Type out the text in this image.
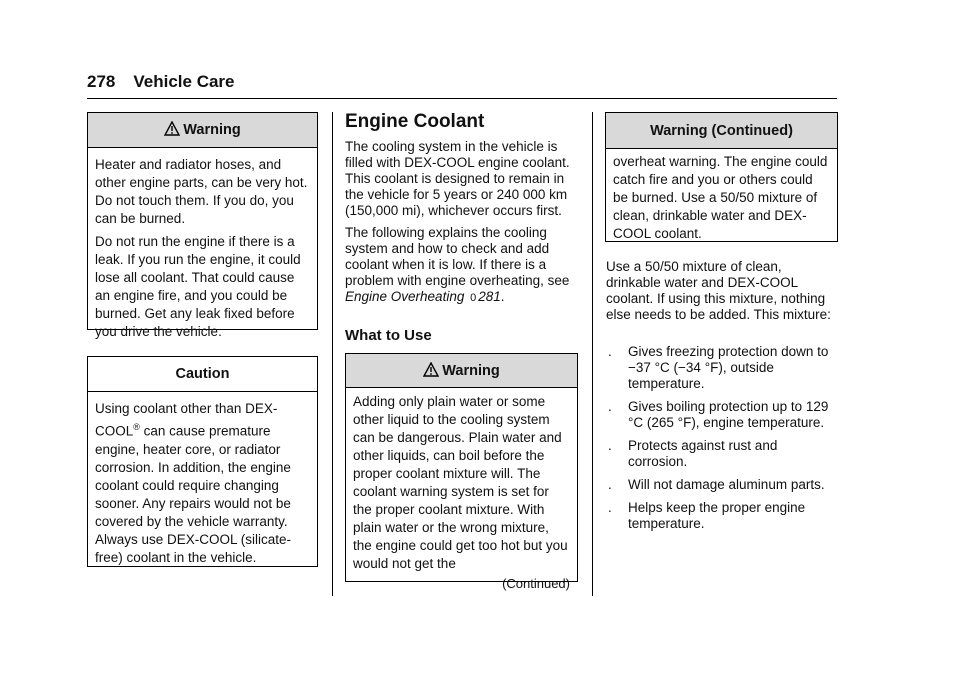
278 Vehicle Care
Warning

Heater and radiator hoses, and other engine parts, can be very hot. Do not touch them. If you do, you can be burned.

Do not run the engine if there is a leak. If you run the engine, it could lose all coolant. That could cause an engine fire, and you could be burned. Get any leak fixed before you drive the vehicle.

Caution

Using coolant other than DEX-COOL® can cause premature engine, heater core, or radiator corrosion. In addition, the engine coolant could require changing sooner. Any repairs would not be covered by the vehicle warranty. Always use DEX-COOL (silicate-free) coolant in the vehicle.

Engine Coolant

The cooling system in the vehicle is filled with DEX-COOL engine coolant. This coolant is designed to remain in the vehicle for 5 years or 240 000 km (150,000 mi), whichever occurs first.

The following explains the cooling system and how to check and add coolant when it is low. If there is a problem with engine overheating, see Engine Overheating 0 281.

What to Use
Warning

Adding only plain water or some other liquid to the cooling system can be dangerous. Plain water and other liquids, can boil before the proper coolant mixture will. The coolant warning system is set for the proper coolant mixture. With plain water or the wrong mixture, the engine could get too hot but you would not get the

(Continued)
Warning (Continued)

overheat warning. The engine could catch fire and you or others could be burned. Use a 50/50 mixture of clean, drinkable water and DEX-COOL coolant.

Use a 50/50 mixture of clean, drinkable water and DEX-COOL coolant. If using this mixture, nothing else needs to be added. This mixture:

. Gives freezing protection down to −37 °C (−34 °F), outside temperature.
. Gives boiling protection up to 129 °C (265 °F), engine temperature.
. Protects against rust and corrosion.
. Will not damage aluminum parts.
. Helps keep the proper engine temperature.
